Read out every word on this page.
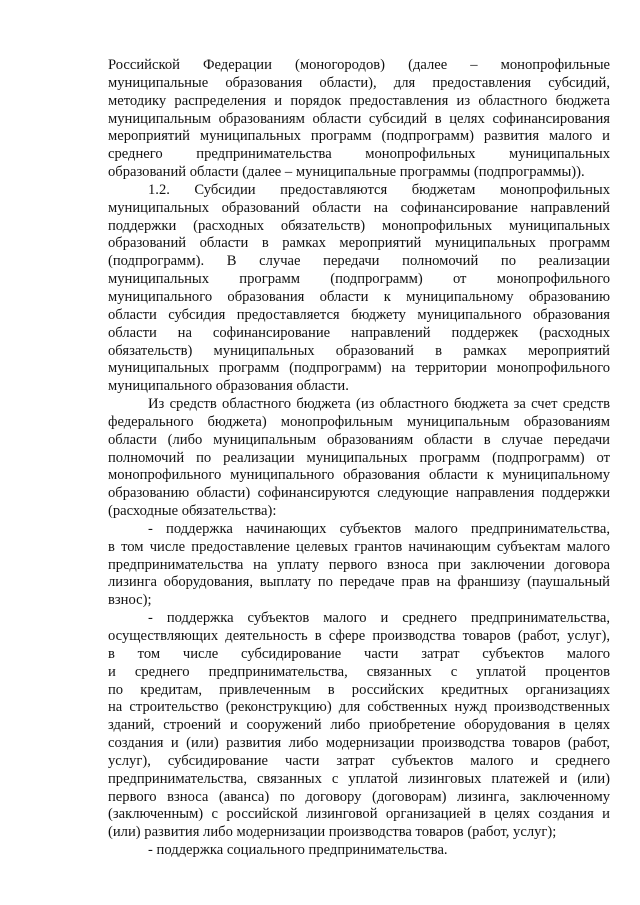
Российской Федерации (моногородов) (далее – монопрофильные
муниципальные образования области), для предоставления субсидий,
методику распределения и порядок предоставления из областного бюджета
муниципальным образованиям области субсидий в целях софинансирования
мероприятий муниципальных программ (подпрограмм) развития малого и
среднего предпринимательства монопрофильных муниципальных
образований области (далее – муниципальные программы (подпрограммы)).
1.2. Субсидии предоставляются бюджетам монопрофильных
муниципальных образований области на софинансирование направлений
поддержки (расходных обязательств) монопрофильных муниципальных
образований области в рамках мероприятий муниципальных программ
(подпрограмм). В случае передачи полномочий по реализации
муниципальных программ (подпрограмм) от монопрофильного
муниципального образования области к муниципальному образованию
области субсидия предоставляется бюджету муниципального образования
области на софинансирование направлений поддержек (расходных
обязательств) муниципальных образований в рамках мероприятий
муниципальных программ (подпрограмм) на территории монопрофильного
муниципального образования области.
Из средств областного бюджета (из областного бюджета за счет средств
федерального бюджета) монопрофильным муниципальным образованиям
области (либо муниципальным образованиям области в случае передачи
полномочий по реализации муниципальных программ (подпрограмм) от
монопрофильного муниципального образования области к муниципальному
образованию области) софинансируются следующие направления поддержки
(расходные обязательства):
- поддержка начинающих субъектов малого предпринимательства,
в том числе предоставление целевых грантов начинающим субъектам малого
предпринимательства на уплату первого взноса при заключении договора
лизинга оборудования, выплату по передаче прав на франшизу (паушальный
взнос);
- поддержка субъектов малого и среднего предпринимательства,
осуществляющих деятельность в сфере производства товаров (работ, услуг),
в том числе субсидирование части затрат субъектов малого
и среднего предпринимательства, связанных с уплатой процентов
по кредитам, привлеченным в российских кредитных организациях
на строительство (реконструкцию) для собственных нужд производственных
зданий, строений и сооружений либо приобретение оборудования в целях
создания и (или) развития либо модернизации производства товаров (работ,
услуг), субсидирование части затрат субъектов малого и среднего
предпринимательства, связанных с уплатой лизинговых платежей и (или)
первого взноса (аванса) по договору (договорам) лизинга, заключенному
(заключенным) с российской лизинговой организацией в целях создания и
(или) развития либо модернизации производства товаров (работ, услуг);
- поддержка социального предпринимательства.
